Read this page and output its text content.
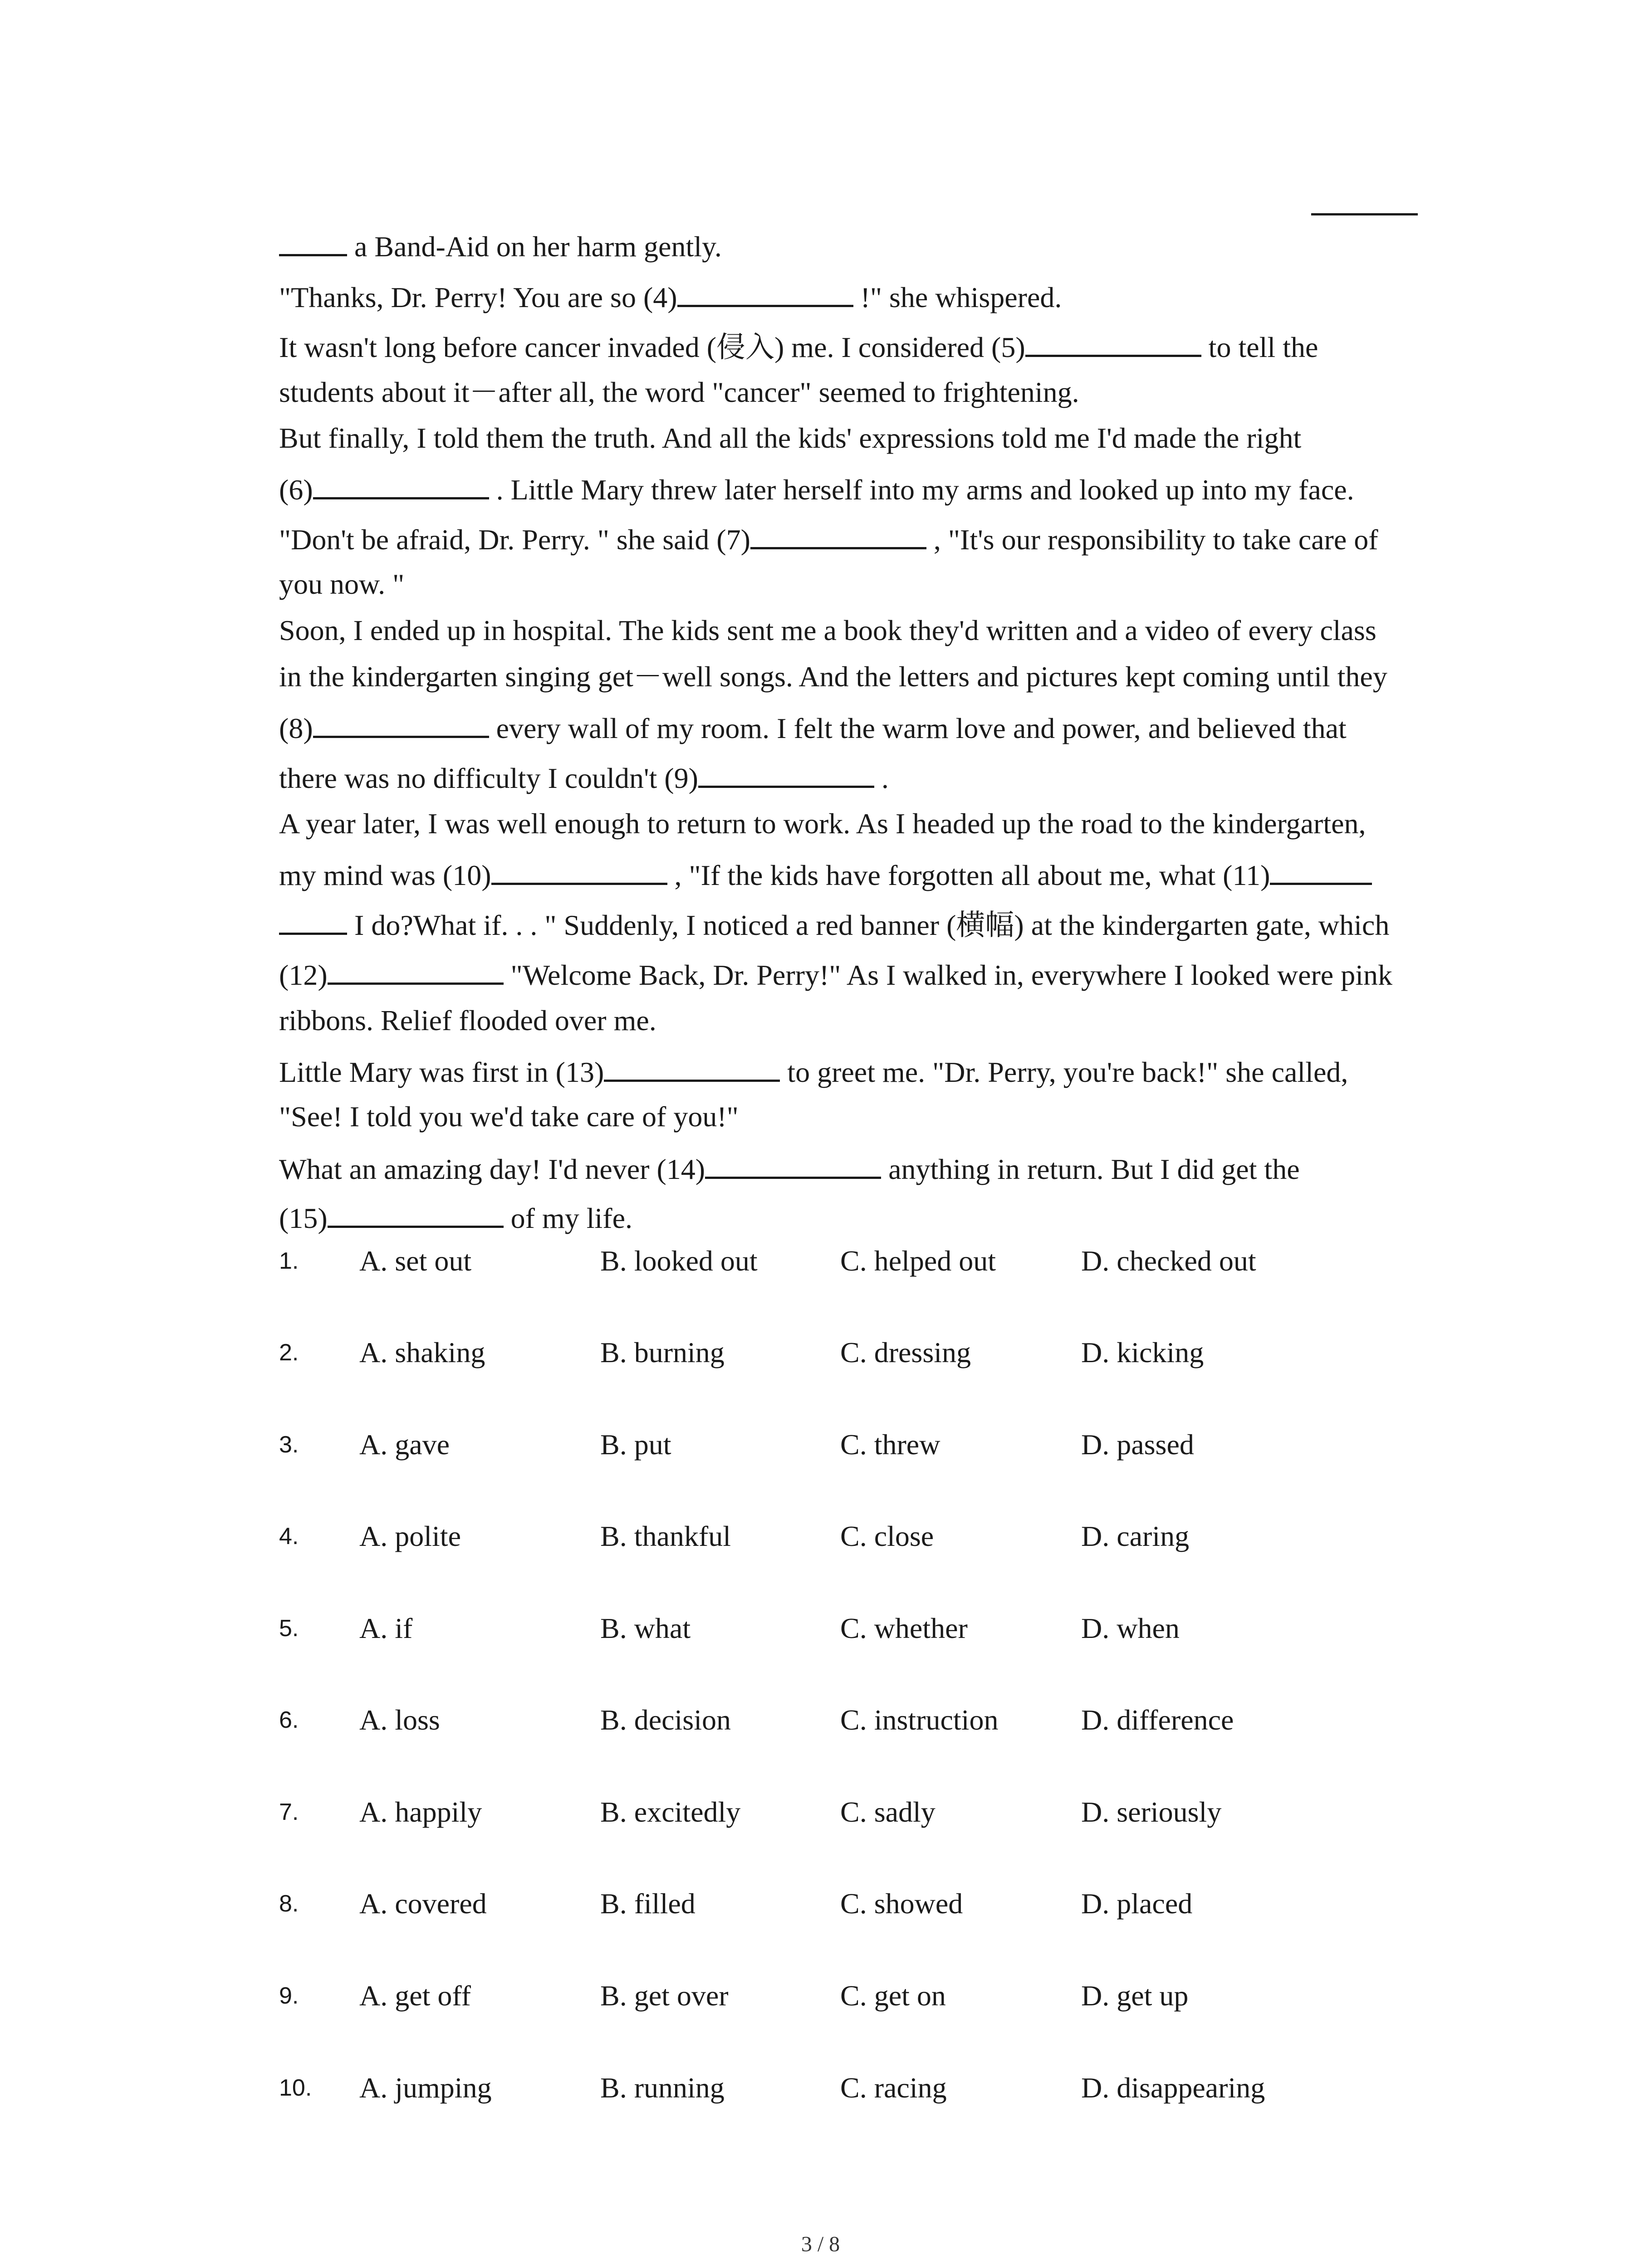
a Band-Aid on her harm gently.
"Thanks, Dr. Perry! You are so (4)	!" she whispered.
It wasn't long before cancer invaded (侵入) me. I considered (5)	to tell the
students about it－after all, the word "cancer" seemed to frightening.
But finally, I told them the truth. And all the kids' expressions told me I'd made the right
(6)	. Little Mary threw later herself into my arms and looked up into my face.
"Don't be afraid, Dr. Perry. " she said (7)	, "It's our responsibility to take care of
you now. "
Soon, I ended up in hospital. The kids sent me a book they'd written and a video of every class
in the kindergarten singing get－well songs. And the letters and pictures kept coming until they
(8)	every wall of my room. I felt the warm love and power, and believed that
there was no difficulty I couldn't (9)	.
A year later, I was well enough to return to work. As I headed up the road to the kindergarten,
my mind was (10)	, "If the kids have forgotten all about me, what (11)
I do?What if. . . " Suddenly, I noticed a red banner (横幅) at the kindergarten gate, which
(12)	"Welcome Back, Dr. Perry!" As I walked in, everywhere I looked were pink
ribbons. Relief flooded over me.
Little Mary was first in (13)	to greet me. "Dr. Perry, you're back!" she called,
"See! I told you we'd take care of you!"
What an amazing day! I'd never (14)	anything in return. But I did get the
(15)	of my life.
1. A. set out	B. looked out	C. helped out	D. checked out
2. A. shaking	B. burning	C. dressing	D. kicking
3. A. gave	B. put	C. threw	D. passed
4. A. polite	B. thankful	C. close	D. caring
5. A. if	B. what	C. whether	D. when
6. A. loss	B. decision	C. instruction	D. difference
7. A. happily	B. excitedly	C. sadly	D. seriously
8. A. covered	B. filled	C. showed	D. placed
9. A. get off	B. get over	C. get on	D. get up
10. A. jumping	B. running	C. racing	D. disappearing
3 / 8
